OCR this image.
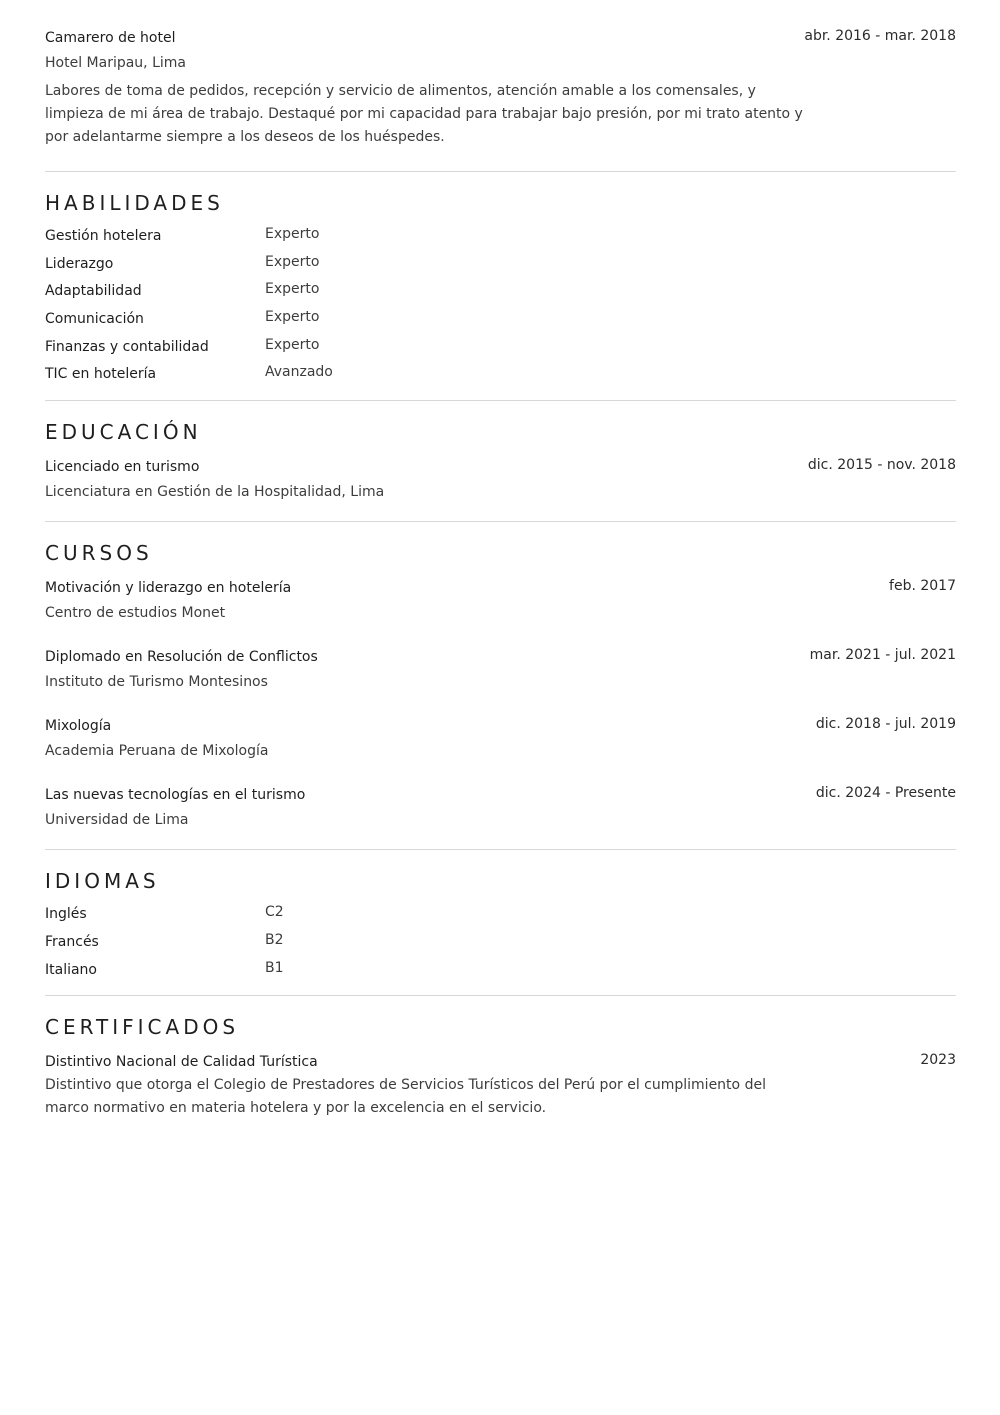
Camarero de hotel	abr. 2016 - mar. 2018
Hotel Maripau, Lima
Labores de toma de pedidos, recepción y servicio de alimentos, atención amable a los comensales, y limpieza de mi área de trabajo. Destaqué por mi capacidad para trabajar bajo presión, por mi trato atento y por adelantarme siempre a los deseos de los huéspedes.
HABILIDADES
Gestión hotelera	Experto
Liderazgo	Experto
Adaptabilidad	Experto
Comunicación	Experto
Finanzas y contabilidad	Experto
TIC en hotelería	Avanzado
EDUCACIÓN
Licenciado en turismo	dic. 2015 - nov. 2018
Licenciatura en Gestión de la Hospitalidad, Lima
CURSOS
Motivación y liderazgo en hotelería	feb. 2017
Centro de estudios Monet
Diplomado en Resolución de Conflictos	mar. 2021 - jul. 2021
Instituto de Turismo Montesinos
Mixología	dic. 2018 - jul. 2019
Academia Peruana de Mixología
Las nuevas tecnologías en el turismo	dic. 2024 - Presente
Universidad de Lima
IDIOMAS
Inglés	C2
Francés	B2
Italiano	B1
CERTIFICADOS
Distintivo Nacional de Calidad Turística	2023
Distintivo que otorga el Colegio de Prestadores de Servicios Turísticos del Perú por el cumplimiento del marco normativo en materia hotelera y por la excelencia en el servicio.
